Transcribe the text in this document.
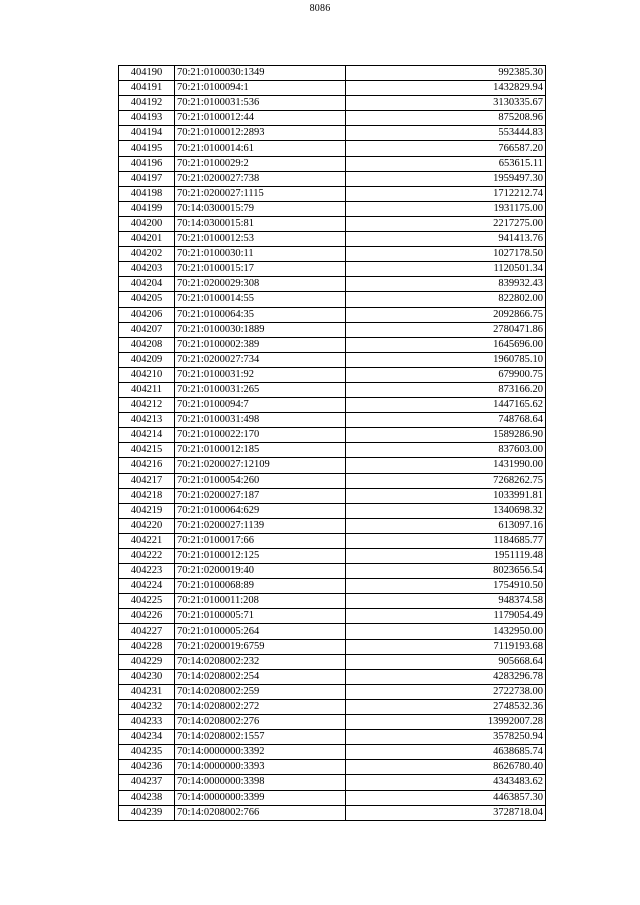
8086
404190	70:21:0100030:1349	992385.30
404191	70:21:0100094:1	1432829.94
404192	70:21:0100031:536	3130335.67
404193	70:21:0100012:44	875208.96
404194	70:21:0100012:2893	553444.83
404195	70:21:0100014:61	766587.20
404196	70:21:0100029:2	653615.11
404197	70:21:0200027:738	1959497.30
404198	70:21:0200027:1115	1712212.74
404199	70:14:0300015:79	1931175.00
404200	70:14:0300015:81	2217275.00
404201	70:21:0100012:53	941413.76
404202	70:21:0100030:11	1027178.50
404203	70:21:0100015:17	1120501.34
404204	70:21:0200029:308	839932.43
404205	70:21:0100014:55	822802.00
404206	70:21:0100064:35	2092866.75
404207	70:21:0100030:1889	2780471.86
404208	70:21:0100002:389	1645696.00
404209	70:21:0200027:734	1960785.10
404210	70:21:0100031:92	679900.75
404211	70:21:0100031:265	873166.20
404212	70:21:0100094:7	1447165.62
404213	70:21:0100031:498	748768.64
404214	70:21:0100022:170	1589286.90
404215	70:21:0100012:185	837603.00
404216	70:21:0200027:12109	1431990.00
404217	70:21:0100054:260	7268262.75
404218	70:21:0200027:187	1033991.81
404219	70:21:0100064:629	1340698.32
404220	70:21:0200027:1139	613097.16
404221	70:21:0100017:66	1184685.77
404222	70:21:0100012:125	1951119.48
404223	70:21:0200019:40	8023656.54
404224	70:21:0100068:89	1754910.50
404225	70:21:0100011:208	948374.58
404226	70:21:0100005:71	1179054.49
404227	70:21:0100005:264	1432950.00
404228	70:21:0200019:6759	7119193.68
404229	70:14:0208002:232	905668.64
404230	70:14:0208002:254	4283296.78
404231	70:14:0208002:259	2722738.00
404232	70:14:0208002:272	2748532.36
404233	70:14:0208002:276	13992007.28
404234	70:14:0208002:1557	3578250.94
404235	70:14:0000000:3392	4638685.74
404236	70:14:0000000:3393	8626780.40
404237	70:14:0000000:3398	4343483.62
404238	70:14:0000000:3399	4463857.30
404239	70:14:0208002:766	3728718.04
